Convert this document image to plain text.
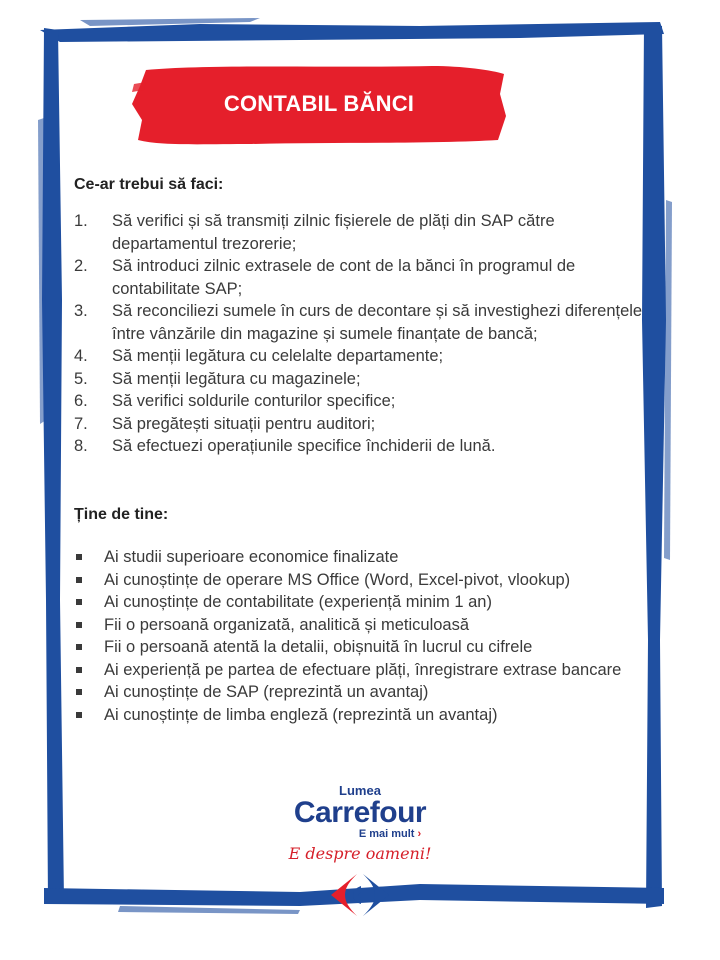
CONTABIL BĂNCI
Ce-ar trebui să faci:
1. Să verifici și să transmiți zilnic fișierele de plăți din SAP către departamentul trezorerie;
2. Să introduci zilnic extrasele de cont de la bănci în programul de contabilitate SAP;
3. Să reconciliezi sumele în curs de decontare și să investighezi diferențele între vânzările din magazine și sumele finanțate de bancă;
4. Să menții legătura cu celelalte departamente;
5. Să menții legătura cu magazinele;
6. Să verifici soldurile conturilor specifice;
7. Să pregătești situații pentru auditori;
8. Să efectuezi operațiunile specifice închiderii de lună.
Ține de tine:
Ai studii superioare economice finalizate
Ai cunoștințe de operare MS Office (Word, Excel-pivot, vlookup)
Ai cunoștințe de contabilitate (experiență minim 1 an)
Fii o persoană organizată, analitică și meticuloasă
Fii o persoană atentă la detalii, obișnuită în lucrul cu cifrele
Ai experiență pe partea de efectuare plăți, înregistrare extrase bancare
Ai cunoștințe de SAP (reprezintă un avantaj)
Ai cunoștințe de limba engleză (reprezintă un avantaj)
Lumea
Carrefour
E mai mult ›
E despre oameni!
